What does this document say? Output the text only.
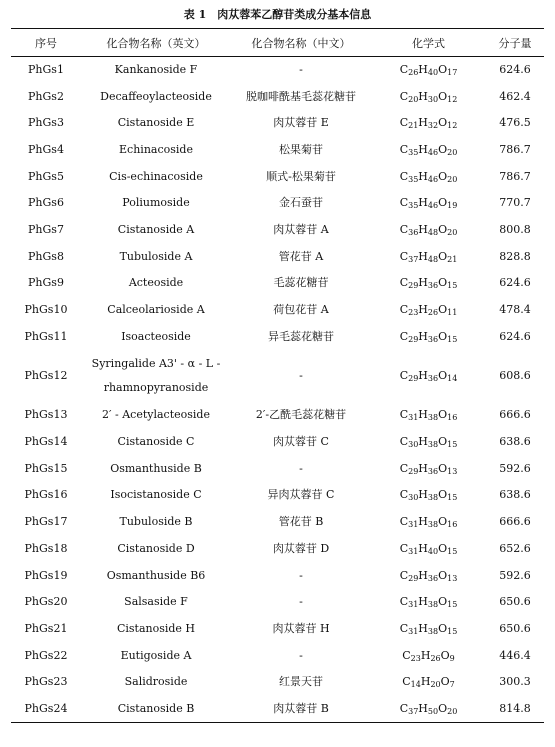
表 1　肉苁蓉苯乙醇苷类成分基本信息
序号	化合物名称（英文）	化合物名称（中文）	化学式	分子量
PhGs1	Kankanoside F	-	$C_{26}H_{40}O_{17}$	624.6
PhGs2	Decaffeoylacteoside	脱咖啡酰基毛蕊花糖苷	$C_{20}H_{30}O_{12}$	462.4
PhGs3	Cistanoside E	肉苁蓉苷 E	$C_{21}H_{32}O_{12}$	476.5
PhGs4	Echinacoside	松果菊苷	$C_{35}H_{46}O_{20}$	786.7
PhGs5	Cis-echinacoside	顺式-松果菊苷	$C_{35}H_{46}O_{20}$	786.7
PhGs6	Poliumoside	金石蚕苷	$C_{35}H_{46}O_{19}$	770.7
PhGs7	Cistanoside A	肉苁蓉苷 A	$C_{36}H_{48}O_{20}$	800.8
PhGs8	Tubuloside A	管花苷 A	$C_{37}H_{48}O_{21}$	828.8
PhGs9	Acteoside	毛蕊花糖苷	$C_{29}H_{36}O_{15}$	624.6
PhGs10	Calceolarioside A	荷包花苷 A	$C_{23}H_{26}O_{11}$	478.4
PhGs11	Isoacteoside	异毛蕊花糖苷	$C_{29}H_{36}O_{15}$	624.6
PhGs12	Syringalide A3' - α - L - rhamnopyranoside	-	$C_{29}H_{36}O_{14}$	608.6
PhGs13	2′ - Acetylacteoside	2′-乙酰毛蕊花糖苷	$C_{31}H_{38}O_{16}$	666.6
PhGs14	Cistanoside C	肉苁蓉苷 C	$C_{30}H_{38}O_{15}$	638.6
PhGs15	Osmanthuside B	-	$C_{29}H_{36}O_{13}$	592.6
PhGs16	Isocistanoside C	异肉苁蓉苷 C	$C_{30}H_{38}O_{15}$	638.6
PhGs17	Tubuloside B	管花苷 B	$C_{31}H_{38}O_{16}$	666.6
PhGs18	Cistanoside D	肉苁蓉苷 D	$C_{31}H_{40}O_{15}$	652.6
PhGs19	Osmanthuside B6	-	$C_{29}H_{36}O_{13}$	592.6
PhGs20	Salsaside F	-	$C_{31}H_{38}O_{15}$	650.6
PhGs21	Cistanoside H	肉苁蓉苷 H	$C_{31}H_{38}O_{15}$	650.6
PhGs22	Eutigoside A	-	$C_{23}H_{26}O_9$	446.4
PhGs23	Salidroside	红景天苷	$C_{14}H_{20}O_7$	300.3
PhGs24	Cistanoside B	肉苁蓉苷 B	$C_{37}H_{50}O_{20}$	814.8
